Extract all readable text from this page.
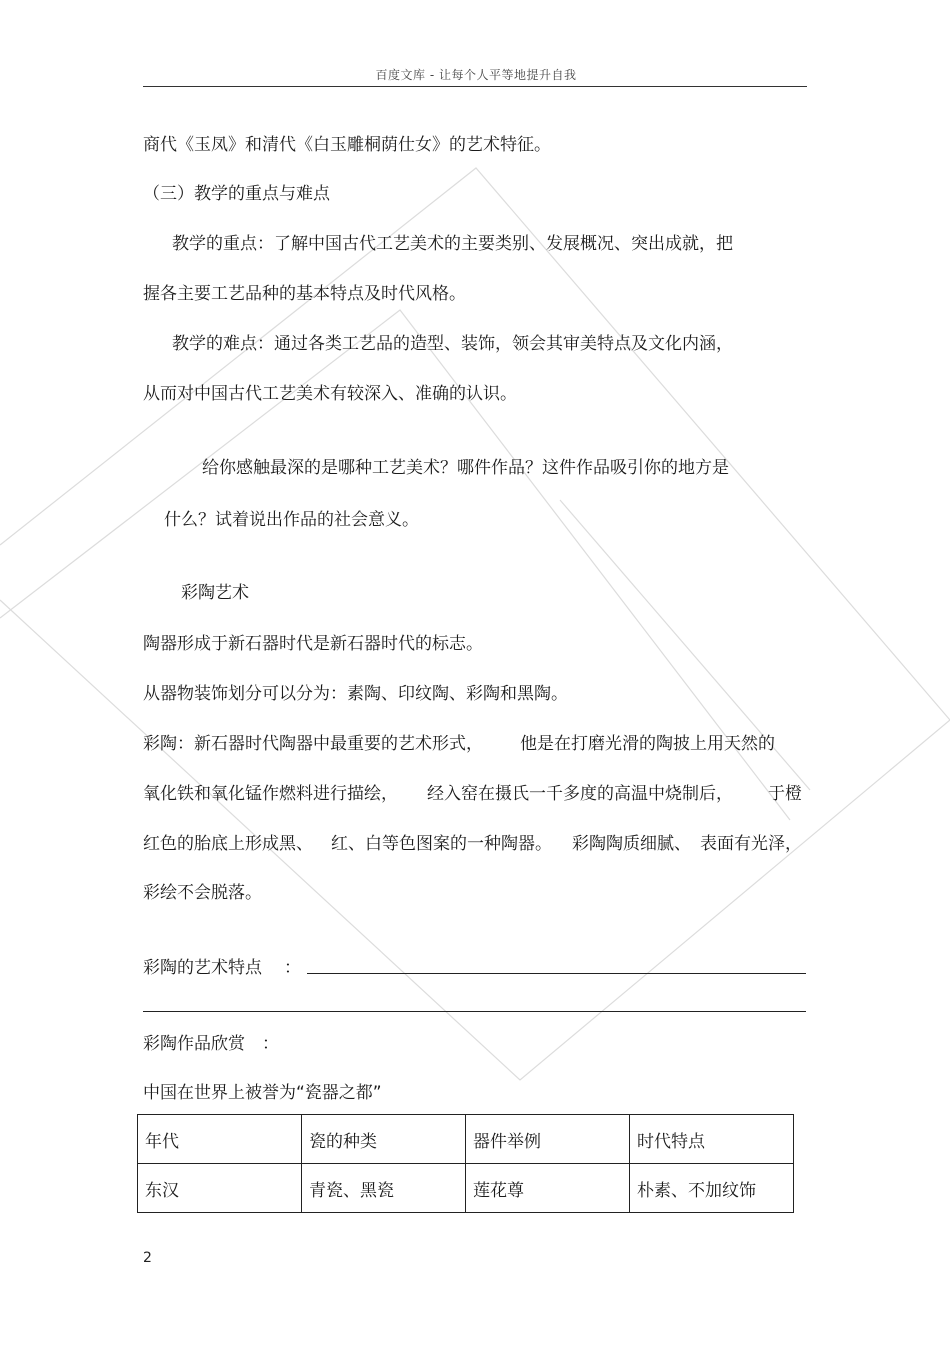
百度文库 - 让每个人平等地提升自我
商代《玉凤》和清代《白玉雕桐荫仕女》的艺术特征。
（三）教学的重点与难点
教学的重点：了解中国古代工艺美术的主要类别、发展概况、突出成就，把
握各主要工艺品种的基本特点及时代风格。
教学的难点：通过各类工艺品的造型、装饰，领会其审美特点及文化内涵，
从而对中国古代工艺美术有较深入、准确的认识。
给你感触最深的是哪种工艺美术？哪件作品？这件作品吸引你的地方是
什么？试着说出作品的社会意义。
彩陶艺术
陶器形成于新石器时代是新石器时代的标志。
从器物装饰划分可以分为：素陶、印纹陶、彩陶和黑陶。
彩陶：新石器时代陶器中最重要的艺术形式， 他是在打磨光滑的陶披上用天然的
氧化铁和氧化锰作燃料进行描绘， 经入窑在摄氏一千多度的高温中烧制后， 于橙
红色的胎底上形成黑、 红、白等色图案的一种陶器。 彩陶陶质细腻、 表面有光泽，
彩绘不会脱落。
彩陶的艺术特点 ：
彩陶作品欣赏 ：
中国在世界上被誉为“瓷器之都”
年代	瓷的种类	器件举例	时代特点
东汉	青瓷、黑瓷	莲花尊	朴素、不加纹饰
2
